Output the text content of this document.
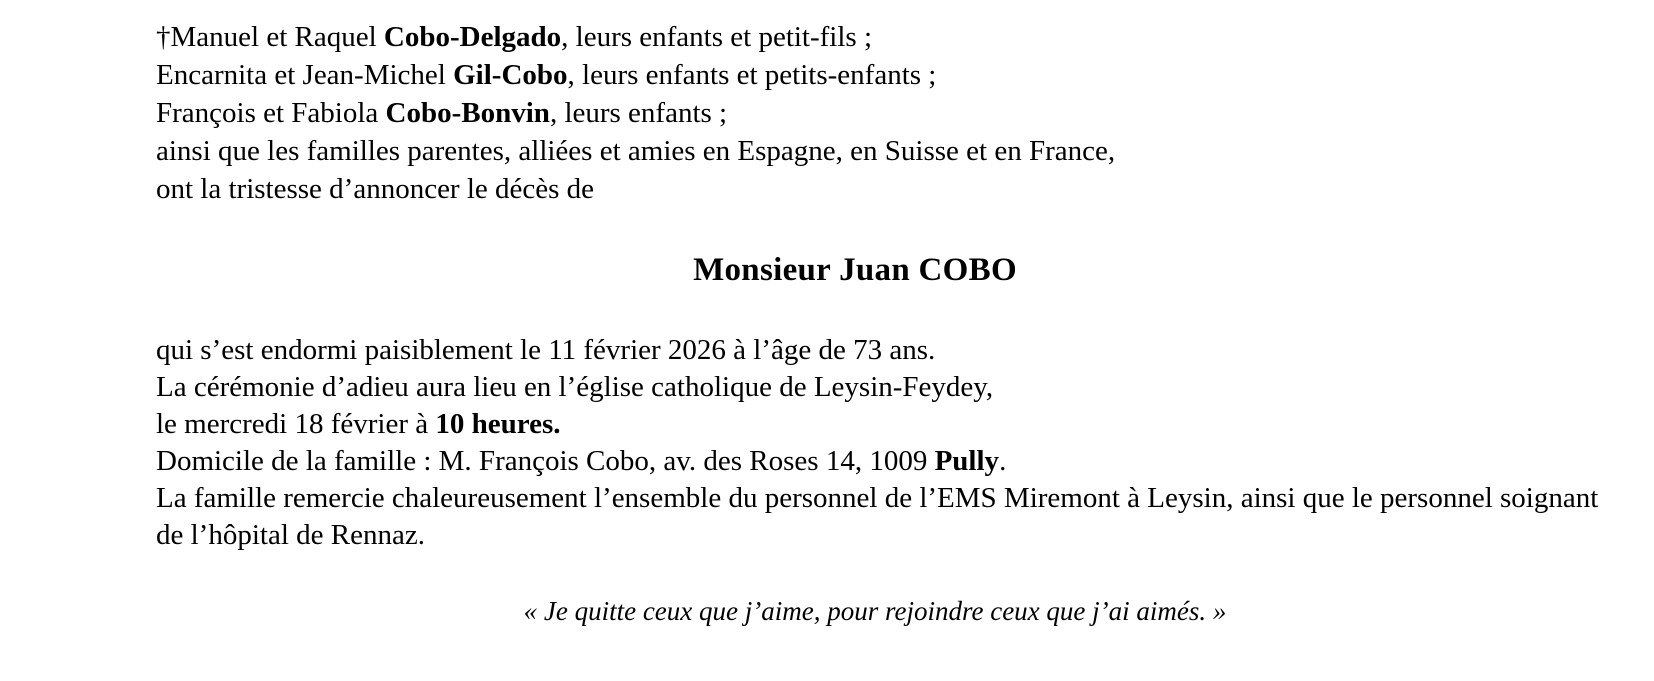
†Manuel et Raquel Cobo-Delgado, leurs enfants et petit-fils ;
Encarnita et Jean-Michel Gil-Cobo, leurs enfants et petits-enfants ;
François et Fabiola Cobo-Bonvin, leurs enfants ;
ainsi que les familles parentes, alliées et amies en Espagne, en Suisse et en France,
ont la tristesse d’annoncer le décès de
Monsieur Juan COBO
qui s’est endormi paisiblement le 11 février 2026 à l’âge de 73 ans.
La cérémonie d’adieu aura lieu en l’église catholique de Leysin-Feydey,
le mercredi 18 février à 10 heures.
Domicile de la famille : M. François Cobo, av. des Roses 14, 1009 Pully.
La famille remercie chaleureusement l’ensemble du personnel de l’EMS Miremont à Leysin, ainsi que le personnel soignant de l’hôpital de Rennaz.
« Je quitte ceux que j’aime, pour rejoindre ceux que j’ai aimés. »
